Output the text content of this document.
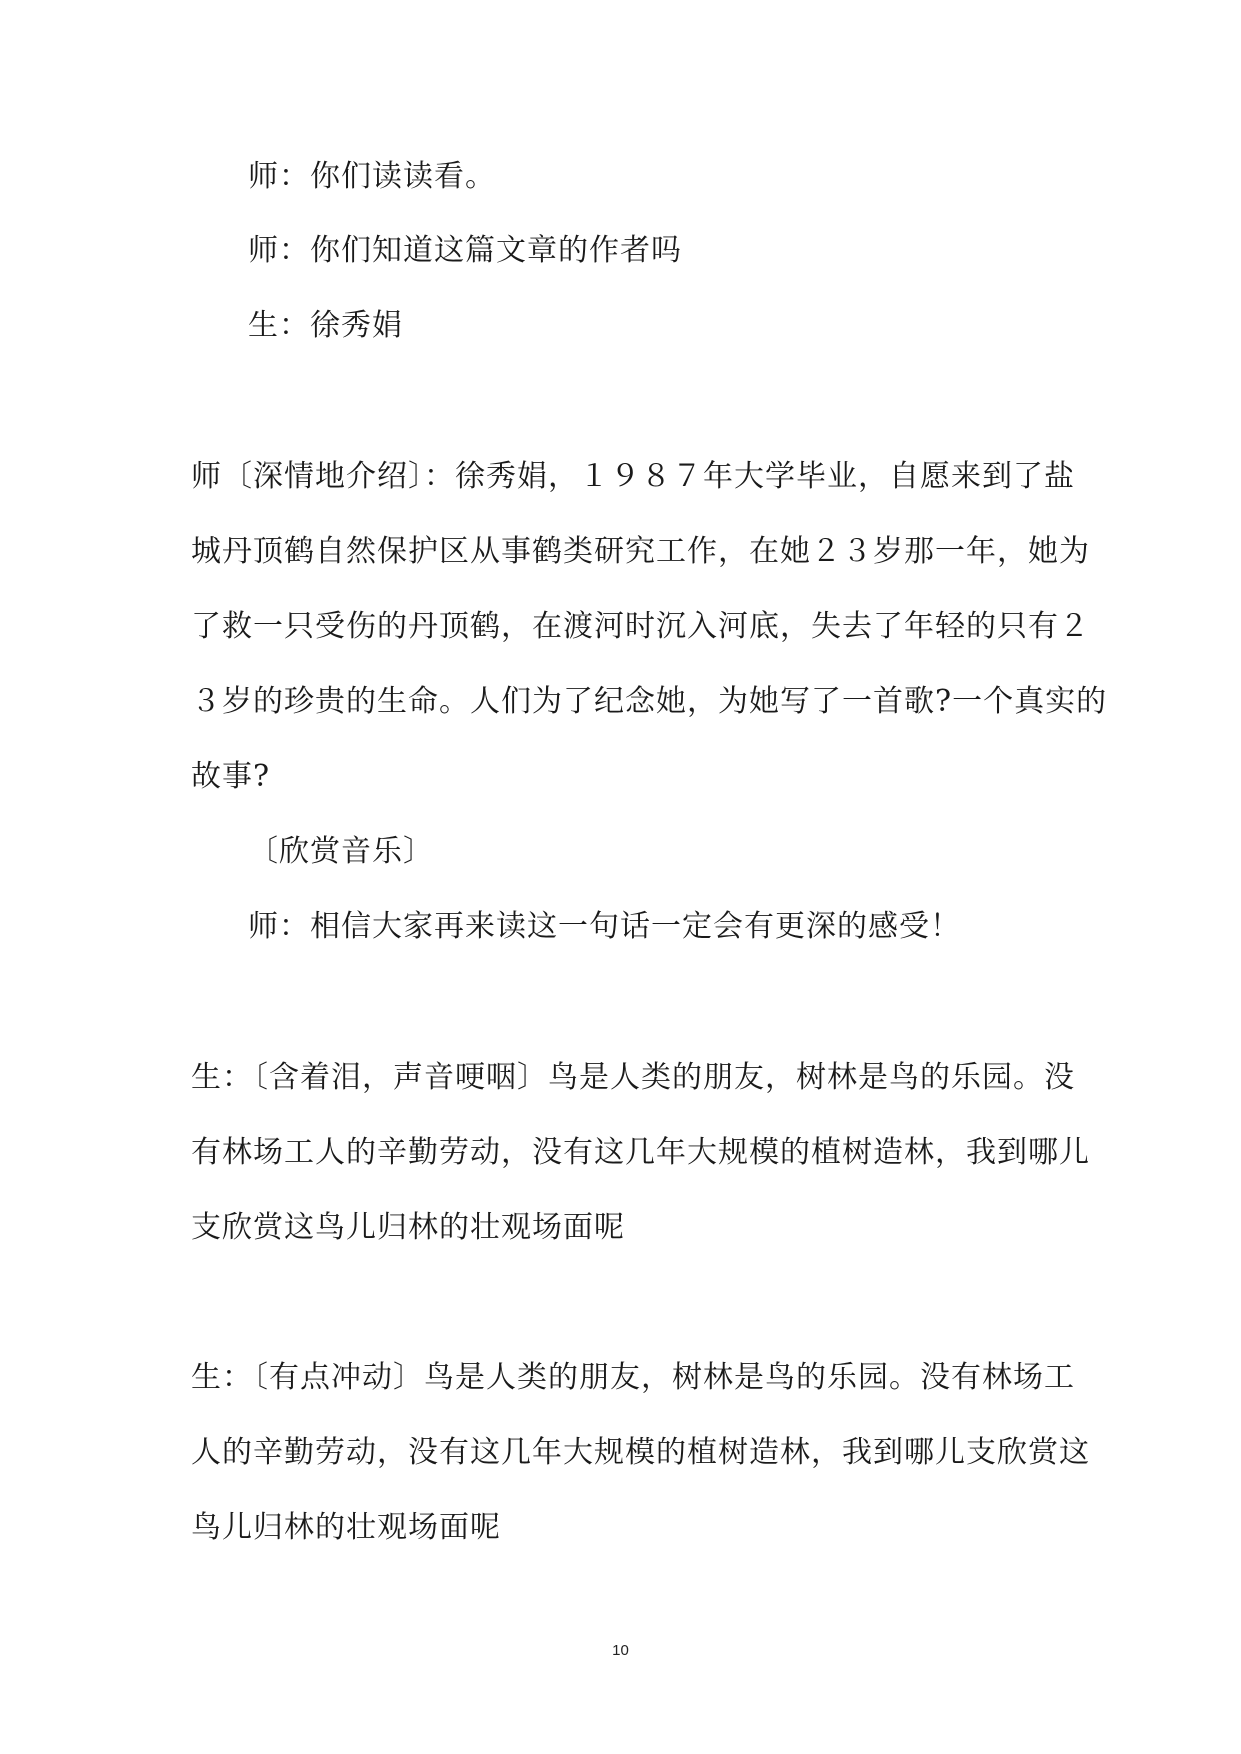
师：你们读读看。
师：你们知道这篇文章的作者吗
生：徐秀娟
师〔深情地介绍〕：徐秀娟，１９８７年大学毕业，自愿来到了盐
城丹顶鹤自然保护区从事鹤类研究工作，在她２３岁那一年，她为
了救一只受伤的丹顶鹤，在渡河时沉入河底，失去了年轻的只有２
３岁的珍贵的生命。人们为了纪念她，为她写了一首歌?一个真实的
故事?
〔欣赏音乐〕
师：相信大家再来读这一句话一定会有更深的感受！
生：〔含着泪，声音哽咽〕鸟是人类的朋友，树林是鸟的乐园。没
有林场工人的辛勤劳动，没有这几年大规模的植树造林，我到哪儿
支欣赏这鸟儿归林的壮观场面呢
生：〔有点冲动〕鸟是人类的朋友，树林是鸟的乐园。没有林场工
人的辛勤劳动，没有这几年大规模的植树造林，我到哪儿支欣赏这
鸟儿归林的壮观场面呢
10
